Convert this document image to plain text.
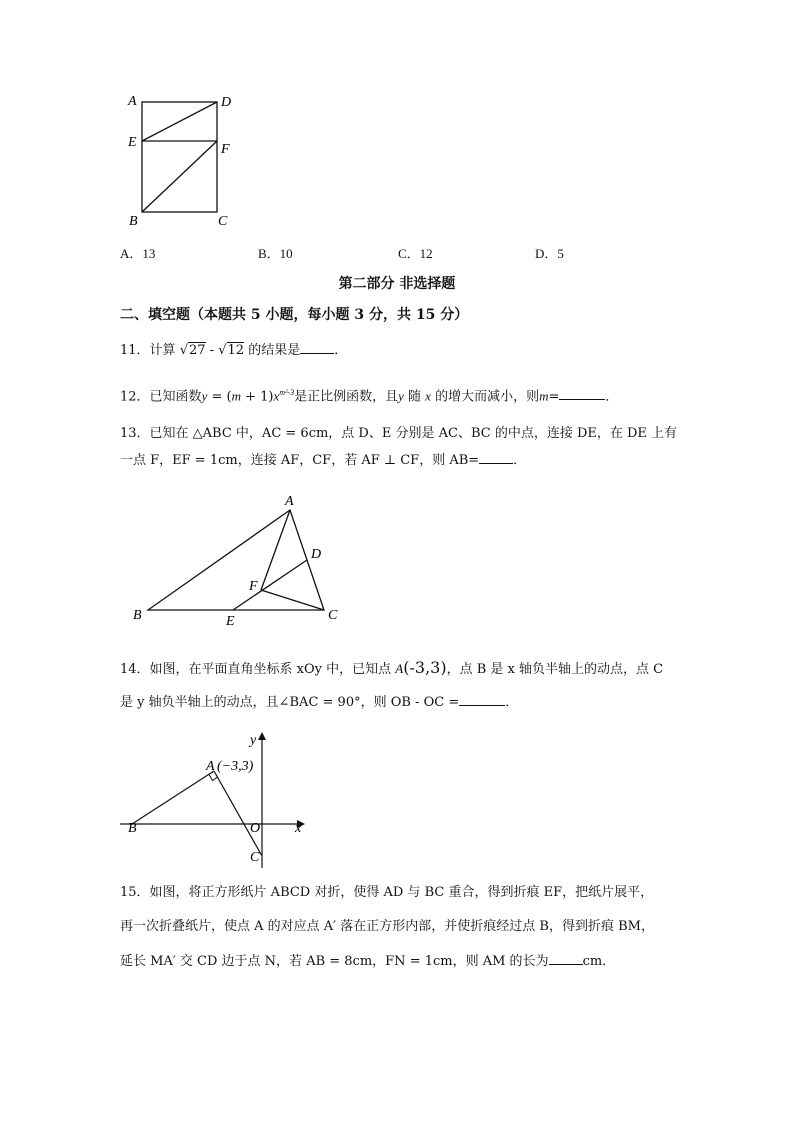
A	D
E	F
B	C
A．13	B．10	C．12	D．5
第二部分 非选择题
二、填空题（本题共 5 小题，每小题 3 分，共 15 分）
11．计算 √27 - √12 的结果是	．
12．已知函数$y = (m + 1)x^{m^2-3}$是正比例函数，且y 随 x 的增大而减小，则m=	．
13．已知在 △ABC 中，AC = 6cm，点 D、E 分别是 AC、BC 的中点，连接 DE，在 DE 上有
一点 F，EF = 1cm，连接 AF，CF，若 AF ⊥ CF，则 AB=	．
A
B	C
D
E
F
14．如图，在平面直角坐标系 xOy 中，已知点 A(-3,3)，点 B 是 x 轴负半轴上的动点，点 C
是 y 轴负半轴上的动点，且∠BAC = 90°，则 OB - OC =	．
y
A (−3,3)
B	O x
C
15．如图，将正方形纸片 ABCD 对折，使得 AD 与 BC 重合，得到折痕 EF，把纸片展平，
再一次折叠纸片，使点 A 的对应点 A′ 落在正方形内部，并使折痕经过点 B，得到折痕 BM，
延长 MA′ 交 CD 边于点 N，若 AB = 8cm，FN = 1cm，则 AM 的长为	cm．
